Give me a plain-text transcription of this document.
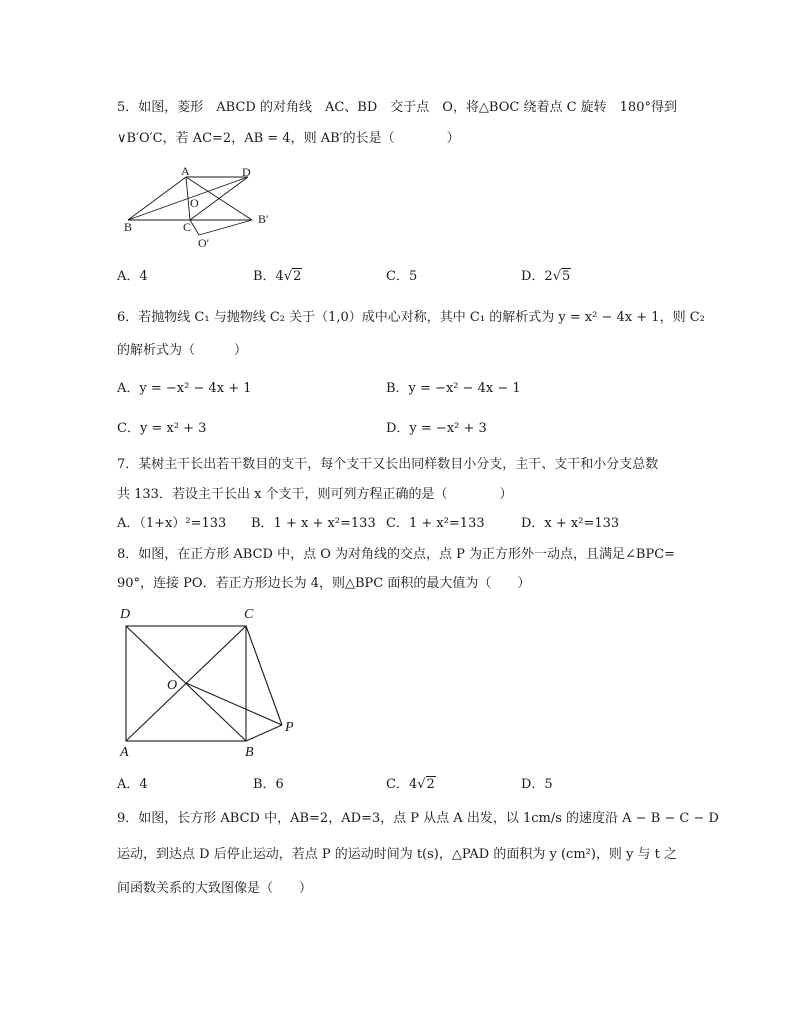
5．如图，菱形　ABCD 的对角线　AC、BD　交于点　O，将△BOC 绕着点 C 旋转　180°得到
∨B′O′C，若 AC=2，AB = 4，则 AB′的长是（　　　　）
A	D
O
B	C
B′
O′
A．4	B．4√2	C．5	D．2√5
6．若抛物线 C₁ 与抛物线 C₂ 关于（1,0）成中心对称，其中 C₁ 的解析式为 y = x² − 4x + 1，则 C₂
的解析式为（　　　）
A．y = −x² − 4x + 1	B．y = −x² − 4x − 1
C．y = x² + 3	D．y = −x² + 3
7．某树主干长出若干数目的支干，每个支干又长出同样数目小分支，主干、支干和小分支总数
共 133．若设主干长出 x 个支干，则可列方程正确的是（　　　　）
A．（1+x）²=133 B．1 + x + x²=133 C．1 + x²=133	D．x + x²=133
8．如图，在正方形 ABCD 中，点 O 为对角线的交点，点 P 为正方形外一动点，且满足∠BPC=
90°，连接 PO．若正方形边长为 4，则△BPC 面积的最大值为（　　）
D	C
O
P
A	B
A．4	B．6	C．4√2	D．5
9．如图，长方形 ABCD 中，AB=2，AD=3，点 P 从点 A 出发，以 1cm/s 的速度沿 A − B − C − D
运动，到达点 D 后停止运动，若点 P 的运动时间为 t(s)，△PAD 的面积为 y (cm²)，则 y 与 t 之
间函数关系的大致图像是（　　）
